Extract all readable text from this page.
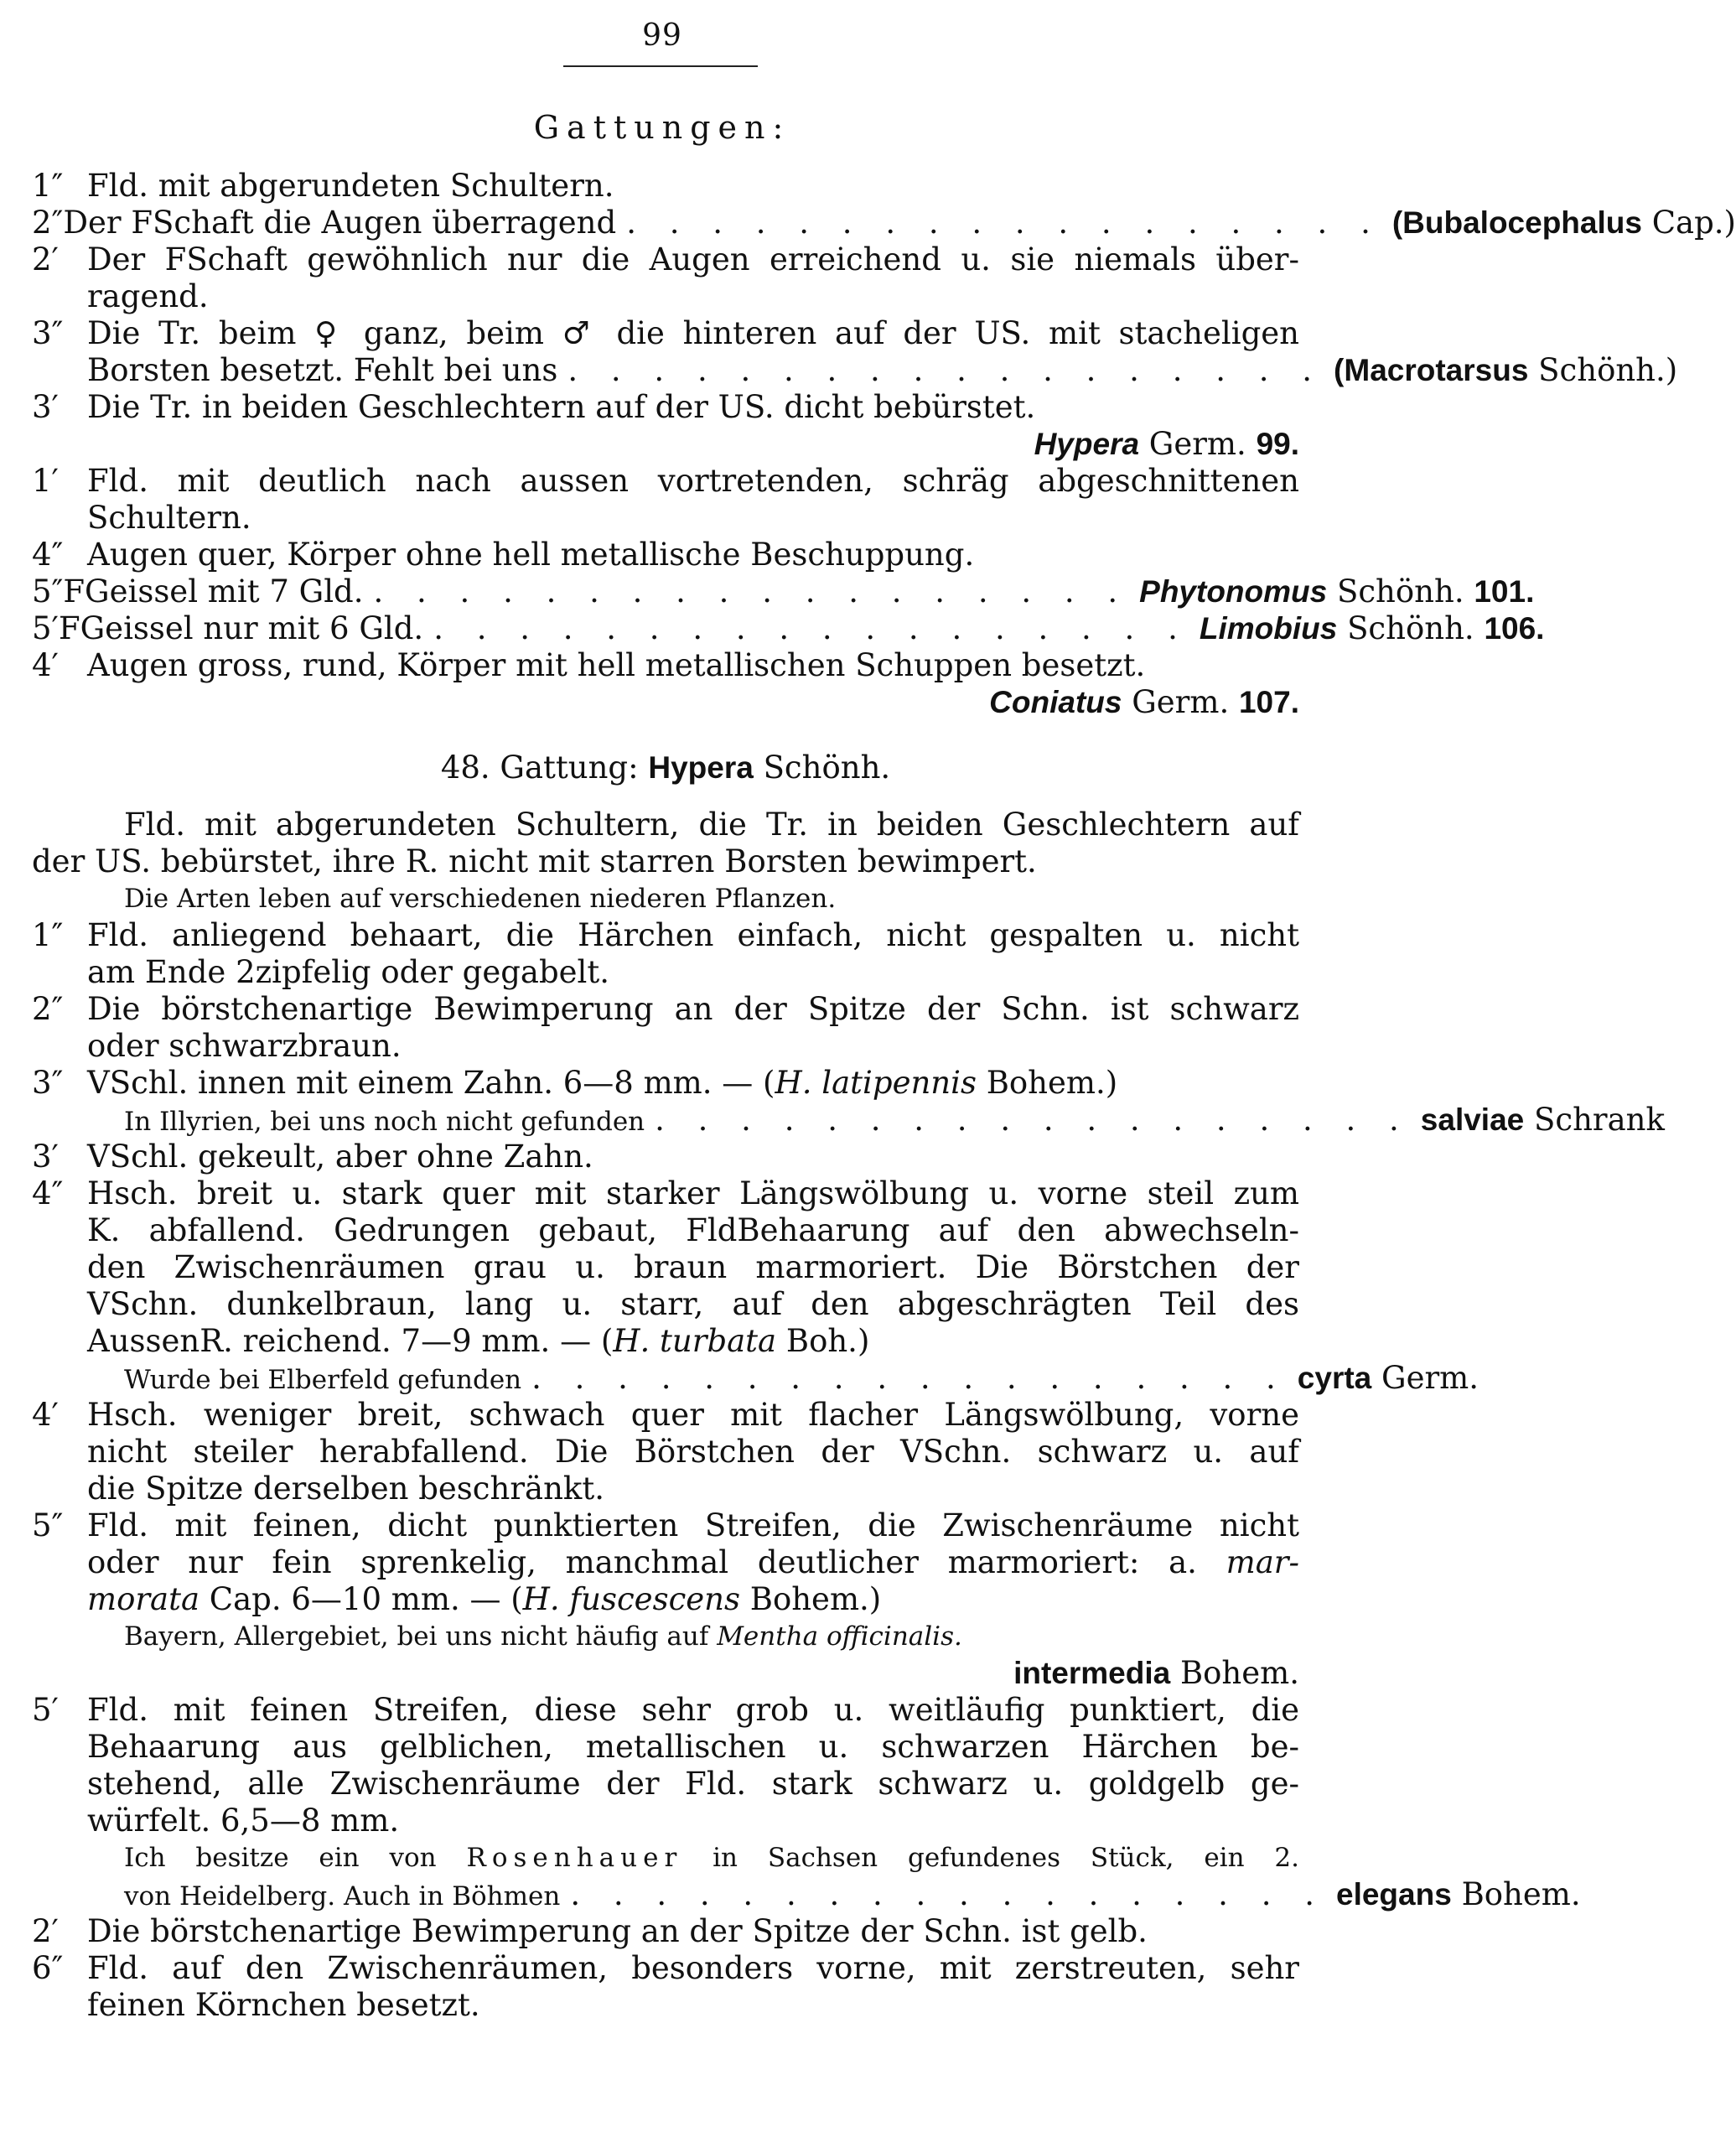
99
Gattungen:
1″ Fld. mit abgerundeten Schultern.
2″ Der FSchaft die Augen überragend . . . . . . . . . . . . . . . . . . (Bubalocephalus
Cap.)
2′ Der FSchaft gewöhnlich nur die Augen erreichend u. sie niemals über-
ragend.
3″ Die Tr. beim ♀ ganz, beim ♂ die hinteren auf der US. mit stacheligen
Borsten besetzt. Fehlt bei uns . . . . . . . . . . . . . . . . . . (Macrotarsus
Schönh.)
3′ Die Tr. in beiden Geschlechtern auf der US. dicht bebürstet.
Hypera Germ. 99.
1′ Fld. mit deutlich nach aussen vortretenden, schräg abgeschnittenen
Schultern.
4″ Augen quer, Körper ohne hell metallische Beschuppung.
5″ FGeissel mit 7 Gld. . . . . . . . . . . . . . . . . . . Phytonomus
Schönh.
101.
5′ FGeissel nur mit 6 Gld. . . . . . . . . . . . . . . . . . . Limobius
Schönh.
106.
4′ Augen gross, rund, Körper mit hell metallischen Schuppen besetzt.
Coniatus Germ. 107.
48. Gattung: Hypera Schönh.
Fld. mit abgerundeten Schultern, die Tr. in beiden Geschlechtern auf
der US. bebürstet, ihre R. nicht mit starren Borsten bewimpert.
Die Arten leben auf verschiedenen niederen Pflanzen.
1″ Fld. anliegend behaart, die Härchen einfach, nicht gespalten u. nicht
am Ende 2zipfelig oder gegabelt.
2″ Die börstchenartige Bewimperung an der Spitze der Schn. ist schwarz
oder schwarzbraun.
3″ VSchl. innen mit einem Zahn. 6—8 mm. — (H. latipennis Bohem.)
In Illyrien, bei uns noch nicht gefunden . . . . . . . . . . . . . . . . . . salviae
Schrank
3′ VSchl. gekeult, aber ohne Zahn.
4″ Hsch. breit u. stark quer mit starker Längswölbung u. vorne steil zum
K. abfallend. Gedrungen gebaut, FldBehaarung auf den abwechseln-
den Zwischenräumen grau u. braun marmoriert. Die Börstchen der
VSchn. dunkelbraun, lang u. starr, auf den abgeschrägten Teil des
AussenR. reichend. 7—9 mm. — (H. turbata Boh.)
Wurde bei Elberfeld gefunden . . . . . . . . . . . . . . . . . . cyrta
Germ.
4′ Hsch. weniger breit, schwach quer mit flacher Längswölbung, vorne
nicht steiler herabfallend. Die Börstchen der VSchn. schwarz u. auf
die Spitze derselben beschränkt.
5″ Fld. mit feinen, dicht punktierten Streifen, die Zwischenräume nicht
oder nur fein sprenkelig, manchmal deutlicher marmoriert: a. mar-
morata Cap. 6—10 mm. — (H. fuscescens Bohem.)
Bayern, Allergebiet, bei uns nicht häufig auf Mentha officinalis.
intermedia Bohem.
5′ Fld. mit feinen Streifen, diese sehr grob u. weitläufig punktiert, die
Behaarung aus gelblichen, metallischen u. schwarzen Härchen be-
stehend, alle Zwischenräume der Fld. stark schwarz u. goldgelb ge-
würfelt. 6,5—8 mm.
Ich besitze ein von Rosenhauer in Sachsen gefundenes Stück, ein 2.
von Heidelberg. Auch in Böhmen . . . . . . . . . . . . . . . . . . elegans
Bohem.
2′ Die börstchenartige Bewimperung an der Spitze der Schn. ist gelb.
6″ Fld. auf den Zwischenräumen, besonders vorne, mit zerstreuten, sehr
feinen Körnchen besetzt.
